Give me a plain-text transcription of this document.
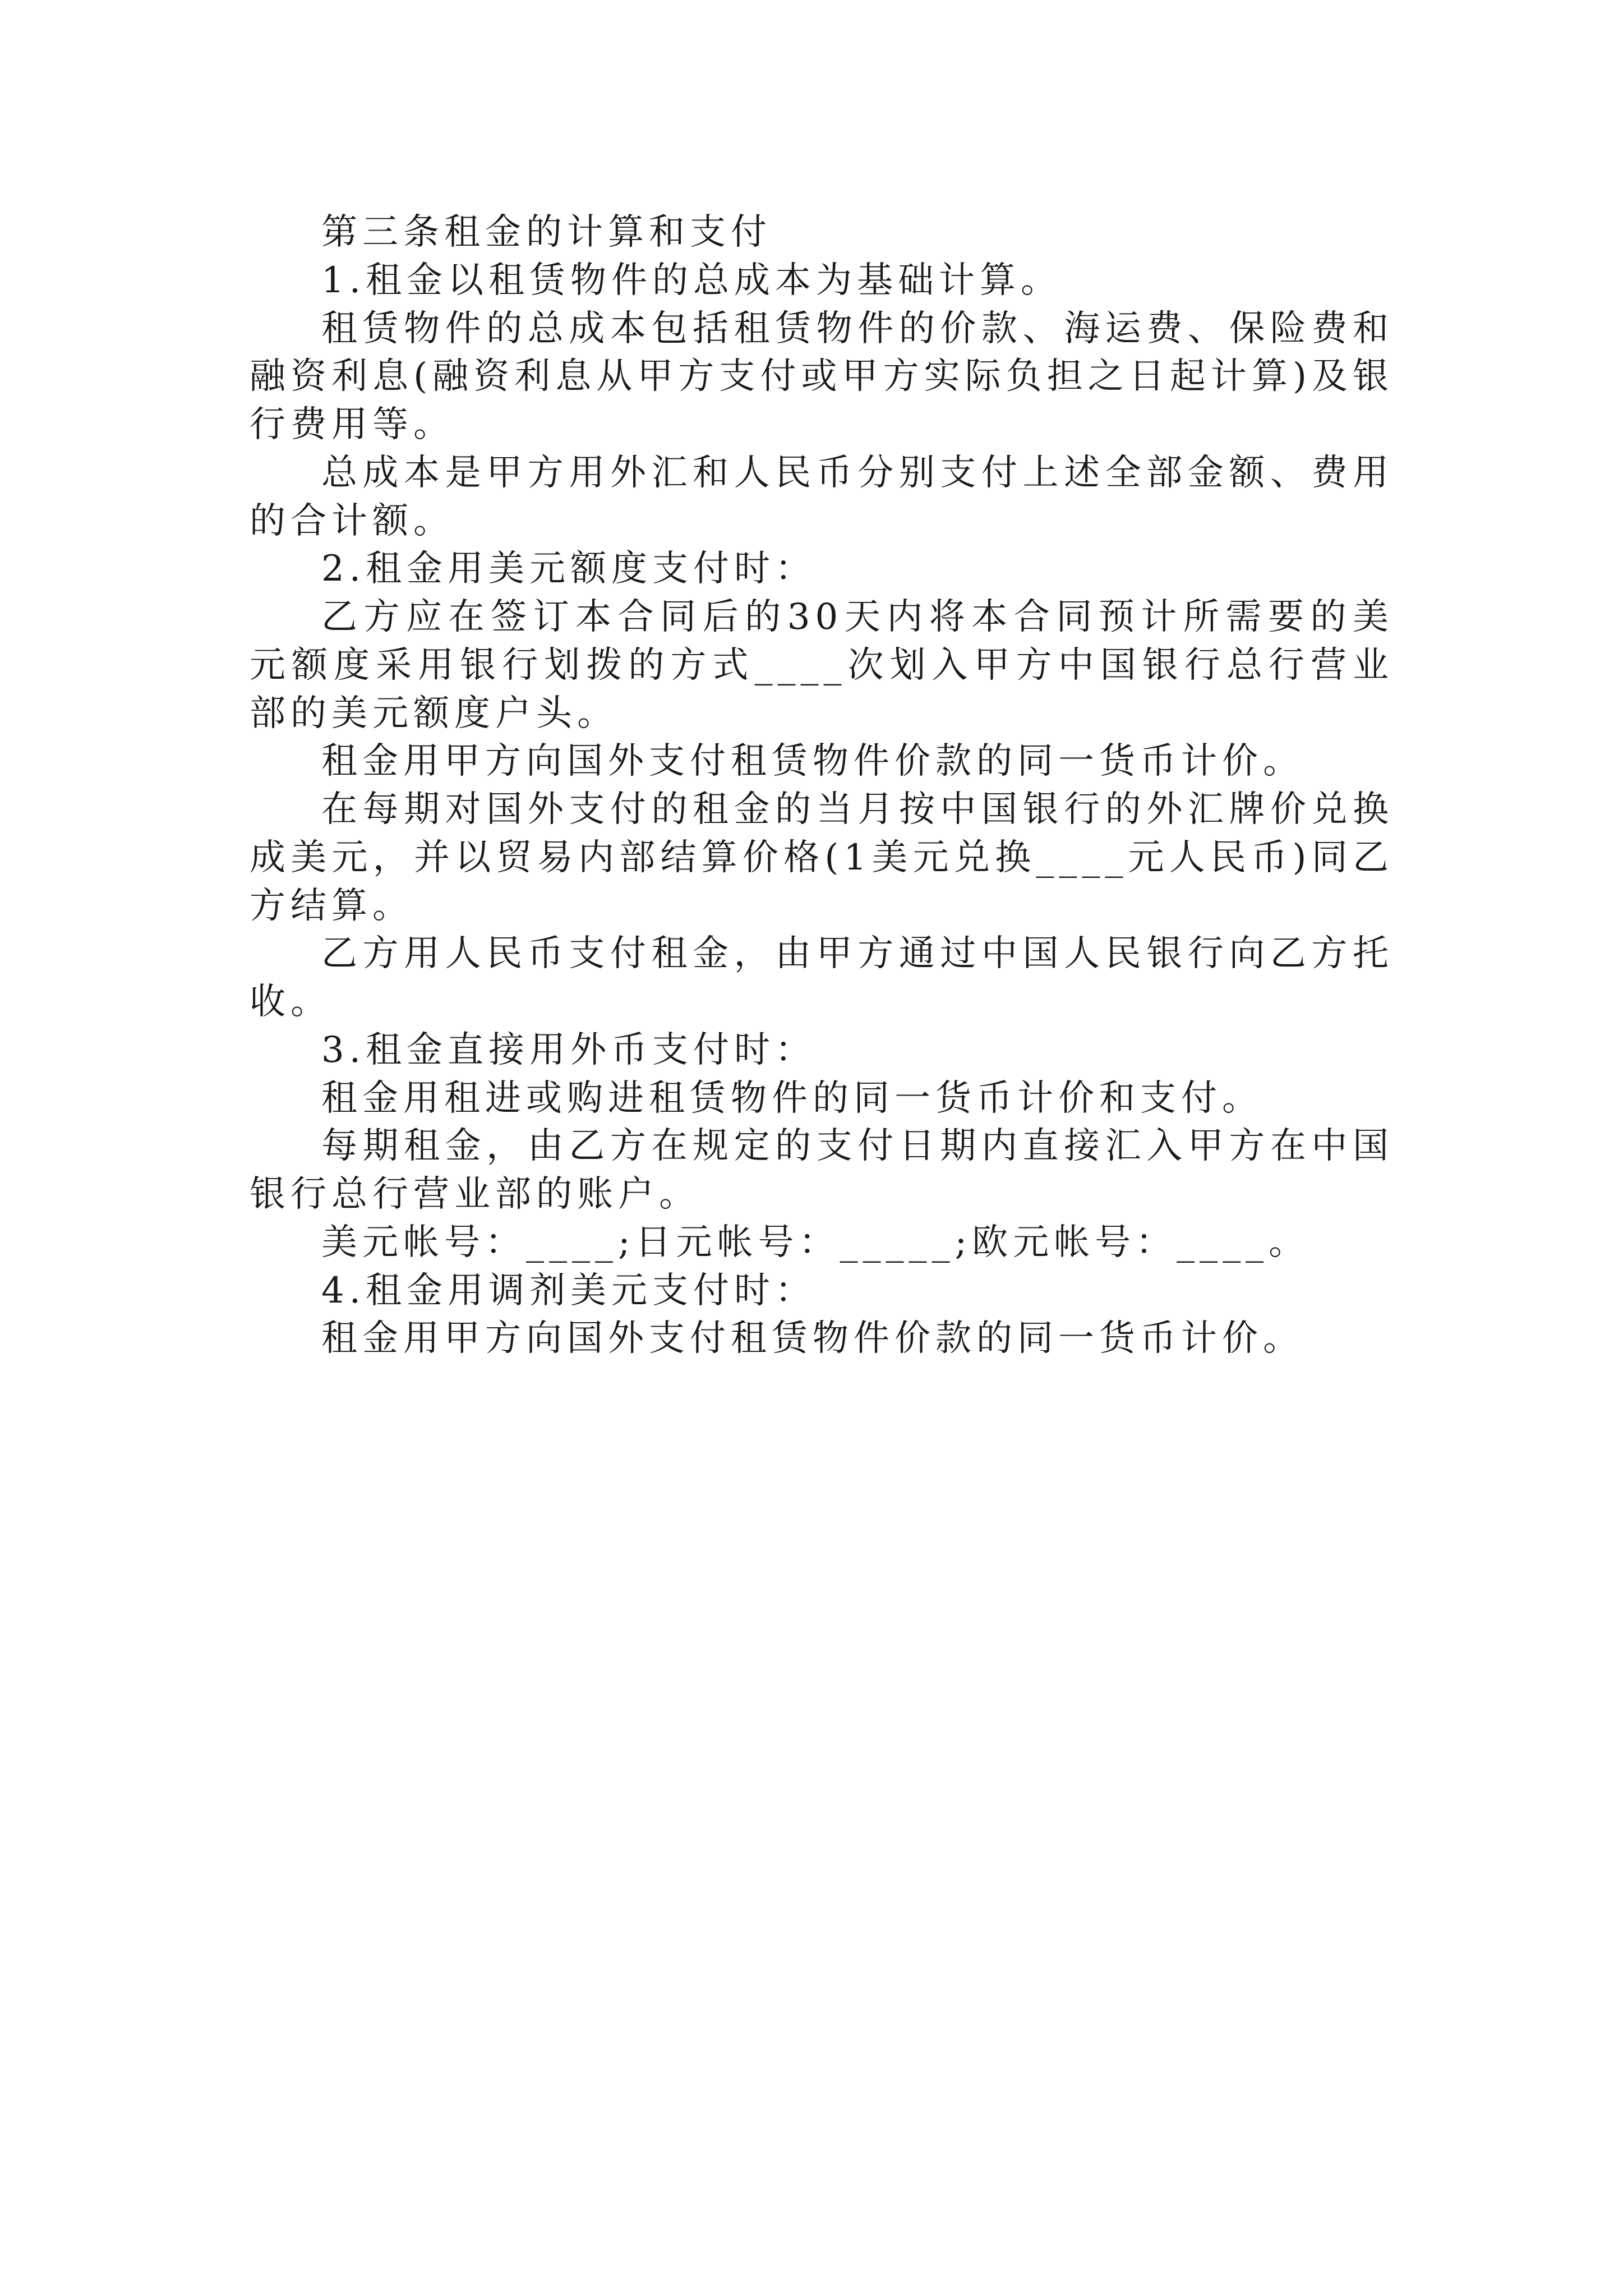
第三条租金的计算和支付

1.租金以租赁物件的总成本为基础计算。

租赁物件的总成本包括租赁物件的价款、海运费、保险费和融资利息(融资利息从甲方支付或甲方实际负担之日起计算)及银行费用等。

总成本是甲方用外汇和人民币分别支付上述全部金额、费用的合计额。

2.租金用美元额度支付时：

乙方应在签订本合同后的30天内将本合同预计所需要的美元额度采用银行划拨的方式____次划入甲方中国银行总行营业部的美元额度户头。

租金用甲方向国外支付租赁物件价款的同一货币计价。

在每期对国外支付的租金的当月按中国银行的外汇牌价兑换成美元，并以贸易内部结算价格(1美元兑换____元人民币)同乙方结算。

乙方用人民币支付租金，由甲方通过中国人民银行向乙方托收。

3.租金直接用外币支付时：

租金用租进或购进租赁物件的同一货币计价和支付。

每期租金，由乙方在规定的支付日期内直接汇入甲方在中国银行总行营业部的账户。

美元帐号：____;日元帐号：_____;欧元帐号：____。

4.租金用调剂美元支付时：

租金用甲方向国外支付租赁物件价款的同一货币计价。
